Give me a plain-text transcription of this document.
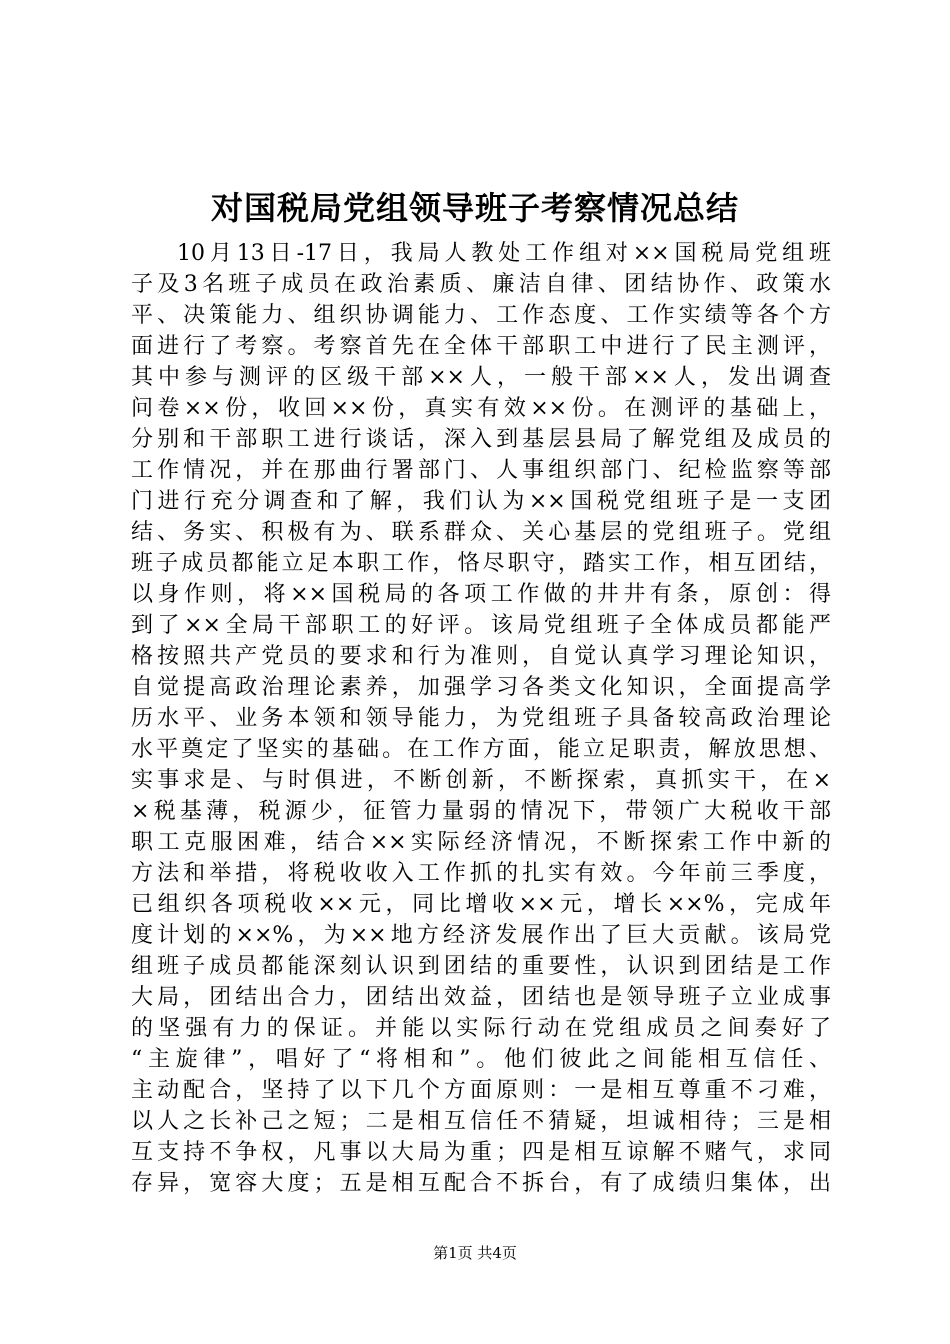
对国税局党组领导班子考察情况总结
10月13日-17日，我局人教处工作组对××国税局党组班
子及3名班子成员在政治素质、廉洁自律、团结协作、政策水
平、决策能力、组织协调能力、工作态度、工作实绩等各个方
面进行了考察。考察首先在全体干部职工中进行了民主测评，
其中参与测评的区级干部××人，一般干部××人，发出调查
问卷××份，收回××份，真实有效××份。在测评的基础上，
分别和干部职工进行谈话，深入到基层县局了解党组及成员的
工作情况，并在那曲行署部门、人事组织部门、纪检监察等部
门进行充分调查和了解，我们认为××国税党组班子是一支团
结、务实、积极有为、联系群众、关心基层的党组班子。党组
班子成员都能立足本职工作，恪尽职守，踏实工作，相互团结，
以身作则，将××国税局的各项工作做的井井有条，原创：得
到了××全局干部职工的好评。该局党组班子全体成员都能严
格按照共产党员的要求和行为准则，自觉认真学习理论知识，
自觉提高政治理论素养，加强学习各类文化知识，全面提高学
历水平、业务本领和领导能力，为党组班子具备较高政治理论
水平奠定了坚实的基础。在工作方面，能立足职责，解放思想、
实事求是、与时俱进，不断创新，不断探索，真抓实干，在×
×税基薄，税源少，征管力量弱的情况下，带领广大税收干部
职工克服困难，结合××实际经济情况，不断探索工作中新的
方法和举措，将税收收入工作抓的扎实有效。今年前三季度，
已组织各项税收××元，同比增收××元，增长××%，完成年
度计划的××%，为××地方经济发展作出了巨大贡献。该局党
组班子成员都能深刻认识到团结的重要性，认识到团结是工作
大局，团结出合力，团结出效益，团结也是领导班子立业成事
的坚强有力的保证。并能以实际行动在党组成员之间奏好了
“主旋律”，唱好了“将相和”。他们彼此之间能相互信任、
主动配合，坚持了以下几个方面原则：一是相互尊重不刁难，
以人之长补己之短；二是相互信任不猜疑，坦诚相待；三是相
互支持不争权，凡事以大局为重；四是相互谅解不赌气，求同
存异，宽容大度；五是相互配合不拆台，有了成绩归集体，出
第1页 共4页
